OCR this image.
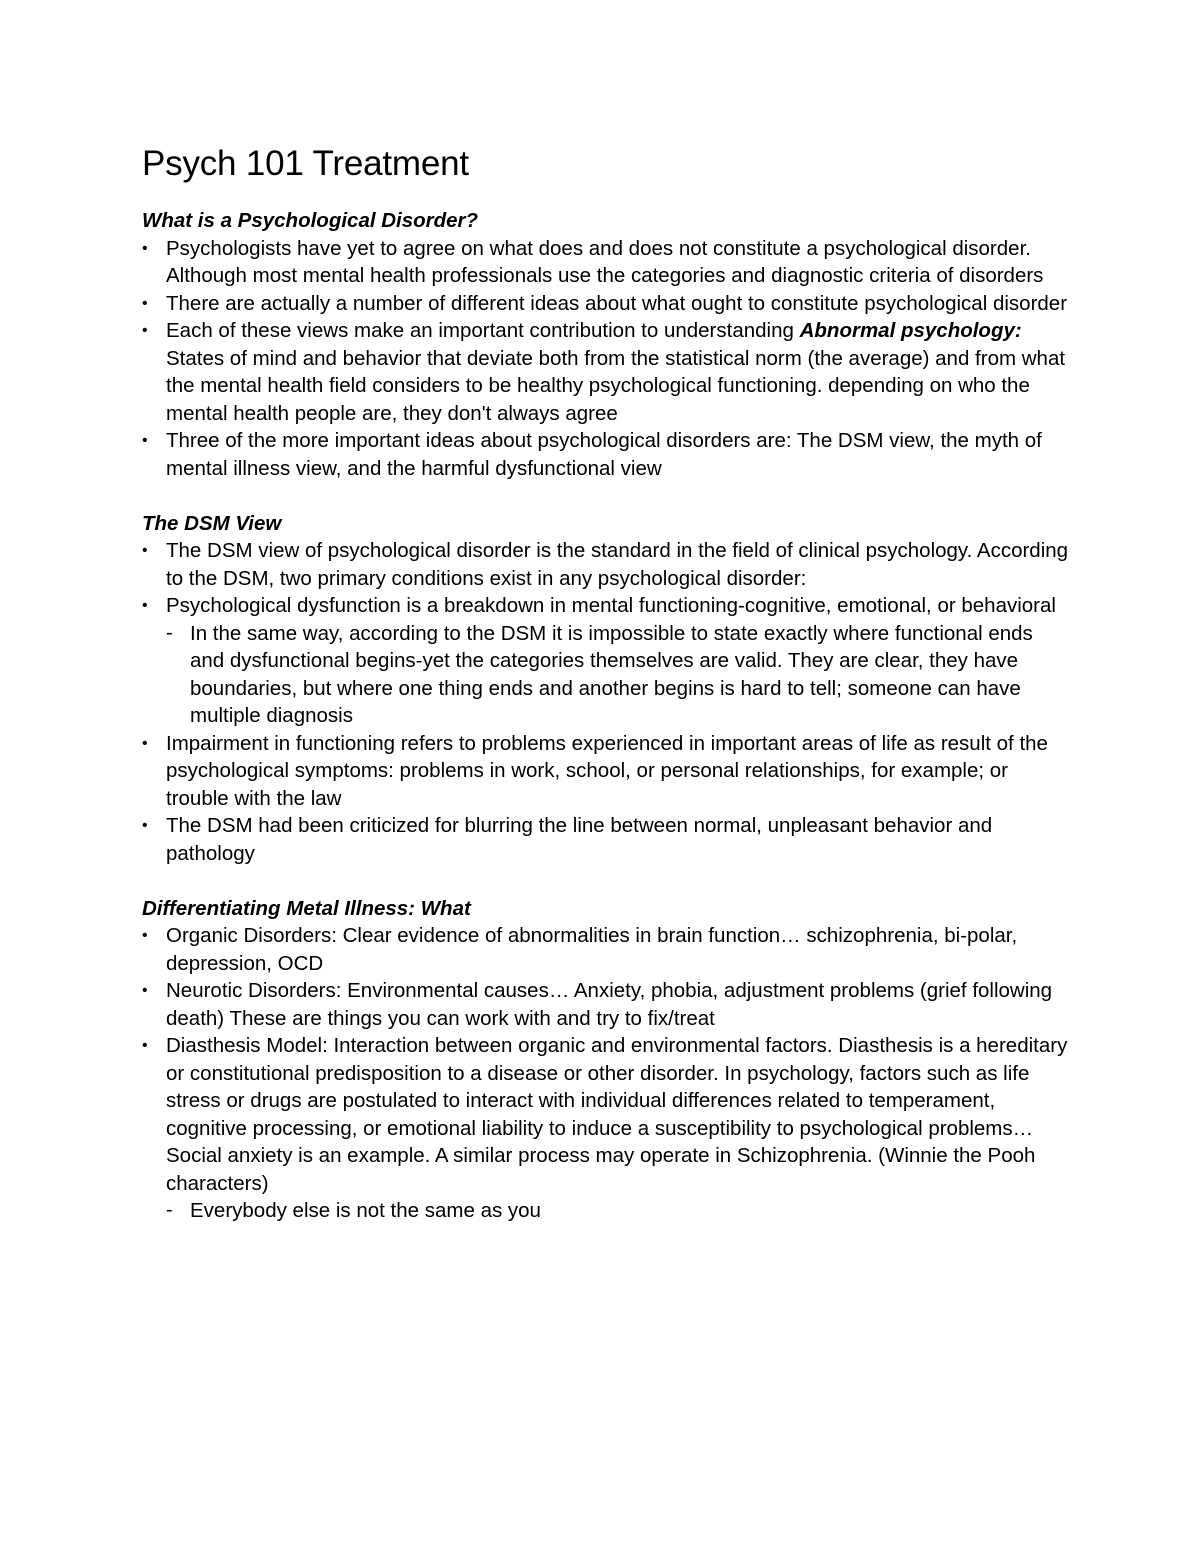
Psych 101 Treatment
What is a Psychological Disorder?
• Psychologists have yet to agree on what does and does not constitute a psychological disorder. Although most mental health professionals use the categories and diagnostic criteria of disorders
• There are actually a number of different ideas about what ought to constitute psychological disorder
• Each of these views make an important contribution to understanding Abnormal psychology: States of mind and behavior that deviate both from the statistical norm (the average) and from what the mental health field considers to be healthy psychological functioning. depending on who the mental health people are, they don't always agree
• Three of the more important ideas about psychological disorders are: The DSM view, the myth of mental illness view, and the harmful dysfunctional view
The DSM View
• The DSM view of psychological disorder is the standard in the field of clinical psychology. According to the DSM, two primary conditions exist in any psychological disorder:
• Psychological dysfunction is a breakdown in mental functioning-cognitive, emotional, or behavioral
- In the same way, according to the DSM it is impossible to state exactly where functional ends and dysfunctional begins-yet the categories themselves are valid. They are clear, they have boundaries, but where one thing ends and another begins is hard to tell; someone can have multiple diagnosis
• Impairment in functioning refers to problems experienced in important areas of life as result of the psychological symptoms: problems in work, school, or personal relationships, for example; or trouble with the law
• The DSM had been criticized for blurring the line between normal, unpleasant behavior and pathology
Differentiating Metal Illness: What
• Organic Disorders: Clear evidence of abnormalities in brain function… schizophrenia, bi-polar, depression, OCD
• Neurotic Disorders: Environmental causes… Anxiety, phobia, adjustment problems (grief following death) These are things you can work with and try to fix/treat
• Diasthesis Model: Interaction between organic and environmental factors. Diasthesis is a hereditary or constitutional predisposition to a disease or other disorder. In psychology, factors such as life stress or drugs are postulated to interact with individual differences related to temperament, cognitive processing, or emotional liability to induce a susceptibility to psychological problems…Social anxiety is an example. A similar process may operate in Schizophrenia. (Winnie the Pooh characters)
- Everybody else is not the same as you
